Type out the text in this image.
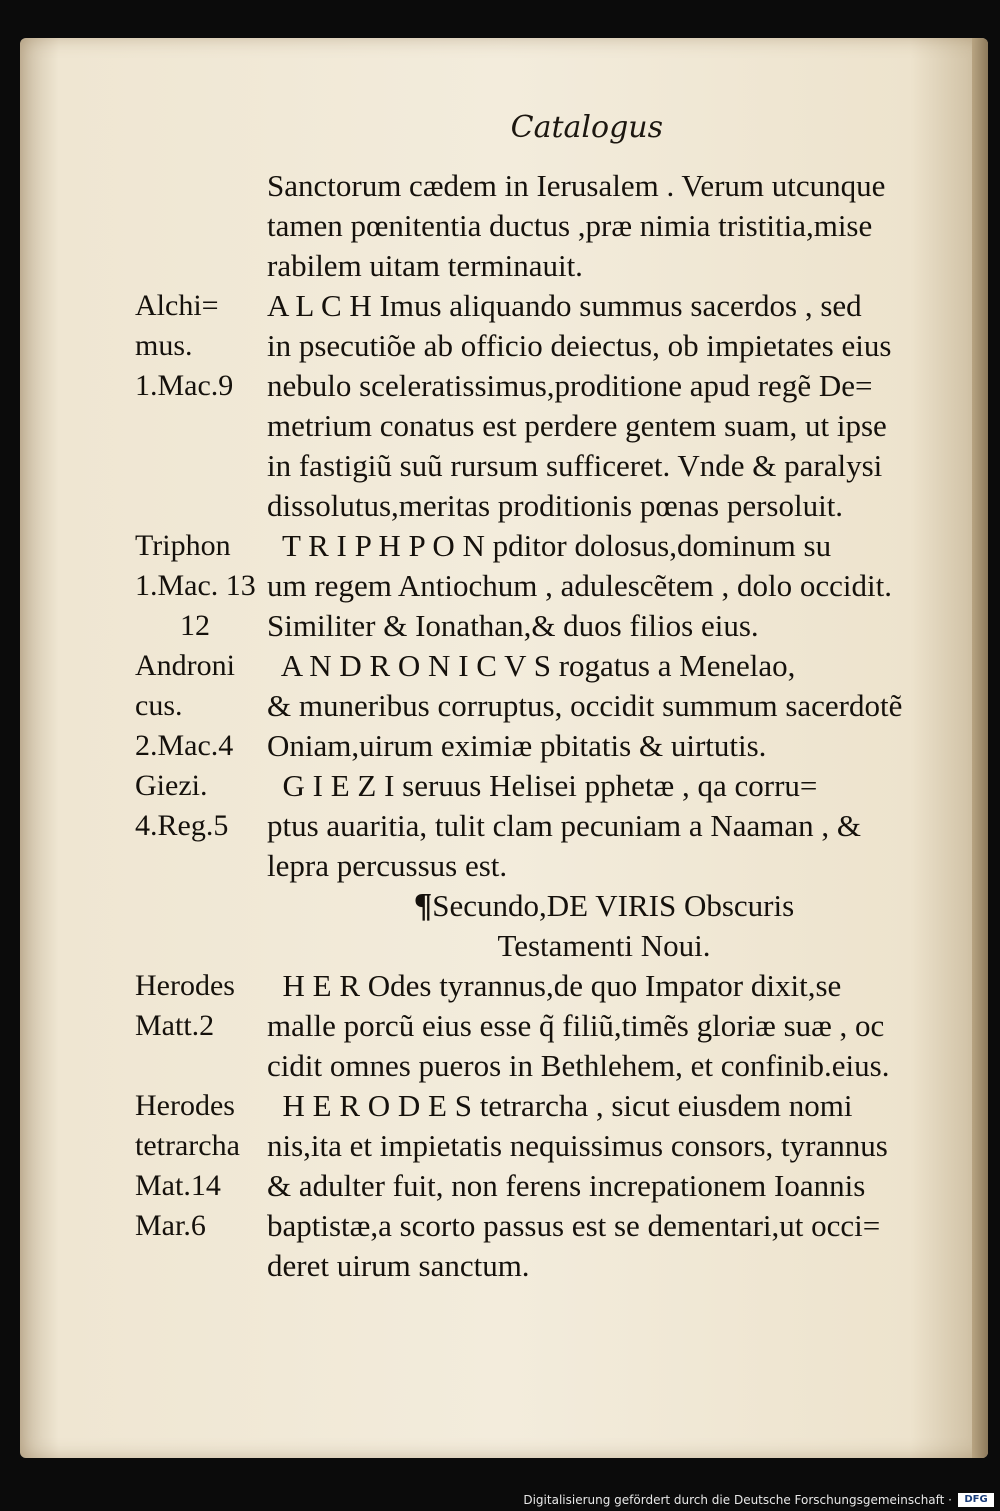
Catalogus
Sanctorum cædem in Ierusalem . Verum utcunque
tamen pœnitentia ductus ,præ nimia tristitia,mise
rabilem uitam terminauit.
Alchi= A L C H Imus aliquando summus sacerdos , sed
mus. in psecutiõe ab officio deiectus, ob impietates eius
1.Mac.9 nebulo sceleratissimus,proditione apud regẽ De=
metrium conatus est perdere gentem suam, ut ipse
in fastigiũ suũ rursum sufficeret. Vnde & paralysi
dissolutus,meritas proditionis pœnas persoluit.
Triphon T R I P H P O N pditor dolosus,dominum su
1.Mac. 13 um regem Antiochum , adulescẽtem , dolo occidit.
12 Similiter & Ionathan,& duos filios eius.
Androni A N D R O N I C V S rogatus a Menelao,
cus.	& muneribus corruptus, occidit summum sacerdotẽ
2.Mac.4 Oniam,uirum eximiæ pbitatis & uirtutis.
Giezi. G I E Z I seruus Helisei pphetæ , qa corru=
4.Reg.5 ptus auaritia, tulit clam pecuniam a Naaman , &
lepra percussus est.
¶Secundo,DE VIRIS Obscuris
Testamenti Noui.
Herodes H E R Odes tyrannus,de quo Impator dixit,se
Matt.2 malle porcũ eius esse q̃ filiũ,timẽs gloriæ suæ , oc
cidit omnes pueros in Bethlehem, et confinib.eius.
Herodes H E R O D E S tetrarcha , sicut eiusdem nomi
tetrarcha nis,ita et impietatis nequissimus consors, tyrannus
Mat.14 & adulter fuit, non ferens increpationem Ioannis
Mar.6 baptistæ,a scorto passus est se dementari,ut occi=
deret uirum sanctum.
Digitalisierung gefördert durch die Deutsche Forschungsgemeinschaft ·	DFG
